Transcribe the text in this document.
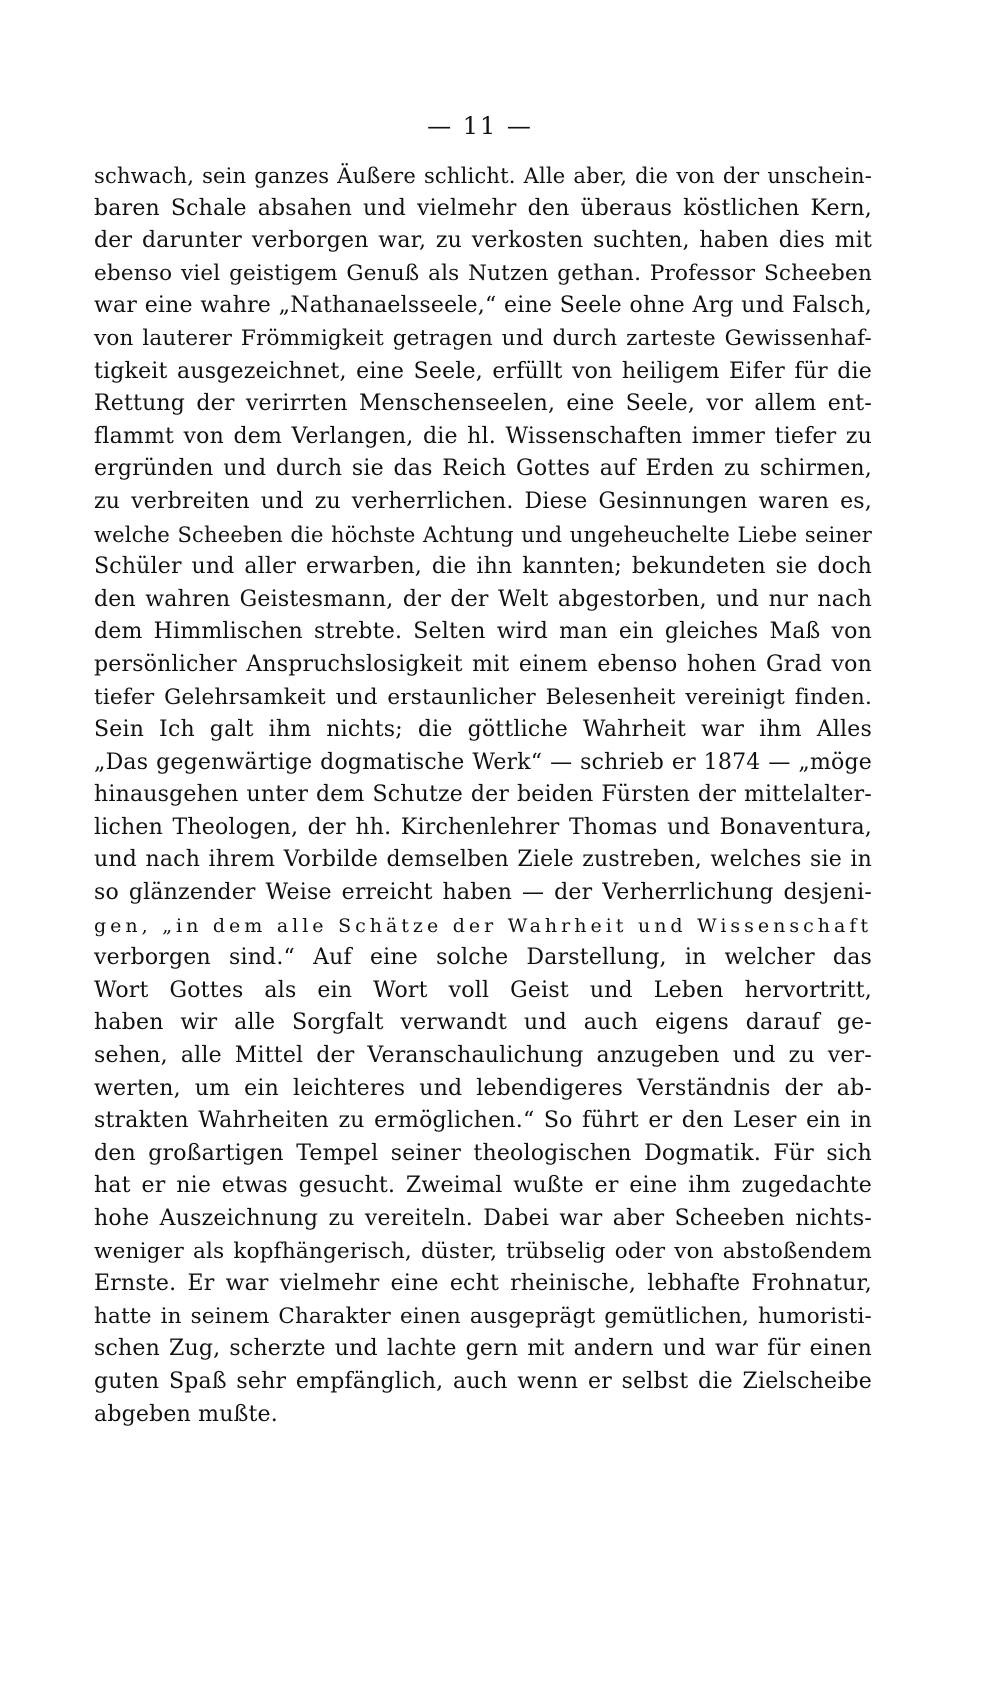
— 11 —
schwach, sein ganzes Äußere schlicht. Alle aber, die von der unschein-
baren Schale absahen und vielmehr den überaus köstlichen Kern,
der darunter verborgen war, zu verkosten suchten, haben dies mit
ebenso viel geistigem Genuß als Nutzen gethan. Professor Scheeben
war eine wahre „Nathanaelsseele,“ eine Seele ohne Arg und Falsch,
von lauterer Frömmigkeit getragen und durch zarteste Gewissenhaf-
tigkeit ausgezeichnet, eine Seele, erfüllt von heiligem Eifer für die
Rettung der verirrten Menschenseelen, eine Seele, vor allem ent-
flammt von dem Verlangen, die hl. Wissenschaften immer tiefer zu
ergründen und durch sie das Reich Gottes auf Erden zu schirmen,
zu verbreiten und zu verherrlichen. Diese Gesinnungen waren es,
welche Scheeben die höchste Achtung und ungeheuchelte Liebe seiner
Schüler und aller erwarben, die ihn kannten; bekundeten sie doch
den wahren Geistesmann, der der Welt abgestorben, und nur nach
dem Himmlischen strebte. Selten wird man ein gleiches Maß von
persönlicher Anspruchslosigkeit mit einem ebenso hohen Grad von
tiefer Gelehrsamkeit und erstaunlicher Belesenheit vereinigt finden.
Sein Ich galt ihm nichts; die göttliche Wahrheit war ihm Alles
„Das gegenwärtige dogmatische Werk“ — schrieb er 1874 — „möge
hinausgehen unter dem Schutze der beiden Fürsten der mittelalter-
lichen Theologen, der hh. Kirchenlehrer Thomas und Bonaventura,
und nach ihrem Vorbilde demselben Ziele zustreben, welches sie in
so glänzender Weise erreicht haben — der Verherrlichung desjeni-
gen, „in dem alle Schätze der Wahrheit und Wissenschaft
verborgen sind.“ Auf eine solche Darstellung, in welcher das
Wort Gottes als ein Wort voll Geist und Leben hervortritt,
haben wir alle Sorgfalt verwandt und auch eigens darauf ge-
sehen, alle Mittel der Veranschaulichung anzugeben und zu ver-
werten, um ein leichteres und lebendigeres Verständnis der ab-
strakten Wahrheiten zu ermöglichen.“ So führt er den Leser ein in
den großartigen Tempel seiner theologischen Dogmatik. Für sich
hat er nie etwas gesucht. Zweimal wußte er eine ihm zugedachte
hohe Auszeichnung zu vereiteln. Dabei war aber Scheeben nichts-
weniger als kopfhängerisch, düster, trübselig oder von abstoßendem
Ernste. Er war vielmehr eine echt rheinische, lebhafte Frohnatur,
hatte in seinem Charakter einen ausgeprägt gemütlichen, humoristi-
schen Zug, scherzte und lachte gern mit andern und war für einen
guten Spaß sehr empfänglich, auch wenn er selbst die Zielscheibe
abgeben mußte.
